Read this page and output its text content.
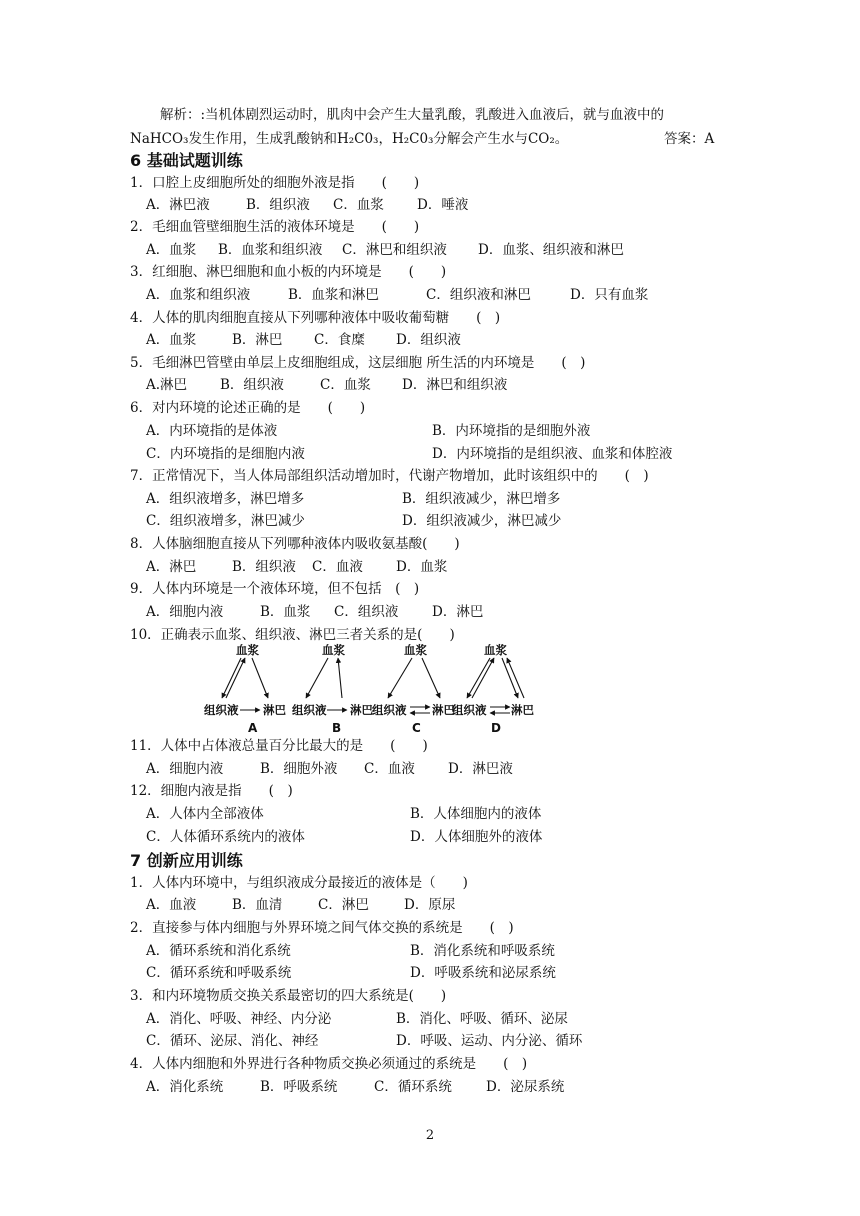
解析：:当机体剧烈运动时，肌肉中会产生大量乳酸，乳酸进入血液后，就与血液中的
NaHCO₃发生作用，生成乳酸钠和H₂C0₃，H₂C0₃分解会产生水与CO₂。	答案：A
6 基础试题训练
1．口腔上皮细胞所处的细胞外液是指　　(　　)
A．淋巴液	B．组织液 C．血浆 D．唾液
2．毛细血管壁细胞生活的液体环境是　　(　　)
A．血浆 B．血浆和组织液 C．淋巴和组织液 D．血浆、组织液和淋巴
3．红细胞、淋巴细胞和血小板的内环境是　　(　　)
A．血浆和组织液	B．血浆和淋巴	C．组织液和淋巴	D．只有血浆
4．人体的肌肉细胞直接从下列哪种液体中吸收葡萄糖　　(　)
A．血浆	B．淋巴 C．食糜 D．组织液
5．毛细淋巴管壁由单层上皮细胞组成，这层细胞 所生活的内环境是　　(　)
A.淋巴 B．组织液	C．血浆 D．淋巴和组织液
6．对内环境的论述正确的是　　(　　)
A．内环境指的是体液	B．内环境指的是细胞外液
C．内环境指的是细胞内液	D．内环境指的是组织液、血浆和体腔液
7．正常情况下，当人体局部组织活动增加时，代谢产物增加，此时该组织中的　　(　)
A．组织液增多，淋巴增多	B．组织液减少，淋巴增多
C．组织液增多，淋巴减少	D．组织液减少，淋巴减少
8．人体脑细胞直接从下列哪种液体内吸收氨基酸(　　)
A．淋巴	B．组织液 C．血液 D．血浆
9．人体内环境是一个液体环境，但不包括　(　)
A．细胞内液	B．血浆 C．组织液 D．淋巴
10．正确表示血浆、组织液、淋巴三者关系的是(　　)
血浆
组织液 淋巴
A
血浆
组织液 淋巴
B
血浆
组织液 淋巴
C
血浆
组织液 淋巴
D
11．人体中占体液总量百分比最大的是　　(　　)
A．细胞内液	B．细胞外液 C．血液 D．淋巴液
12．细胞内液是指　　(　)
A．人体内全部液体	B．人体细胞内的液体
C．人体循环系统内的液体	D．人体细胞外的液体
7 创新应用训练
1．人体内环境中，与组织液成分最接近的液体是（　　)
A．血液	B．血清	C．淋巴	D．原尿
2．直接参与体内细胞与外界环境之间气体交换的系统是　　(　)
A．循环系统和消化系统	B．消化系统和呼吸系统
C．循环系统和呼吸系统	D．呼吸系统和泌尿系统
3．和内环境物质交换关系最密切的四大系统是(　　)
A．消化、呼吸、神经、内分泌	B．消化、呼吸、循环、泌尿
C．循环、泌尿、消化、神经	D．呼吸、运动、内分泌、循环
4．人体内细胞和外界进行各种物质交换必须通过的系统是　　(　)
A．消化系统	B．呼吸系统	C．循环系统	D．泌尿系统
2
